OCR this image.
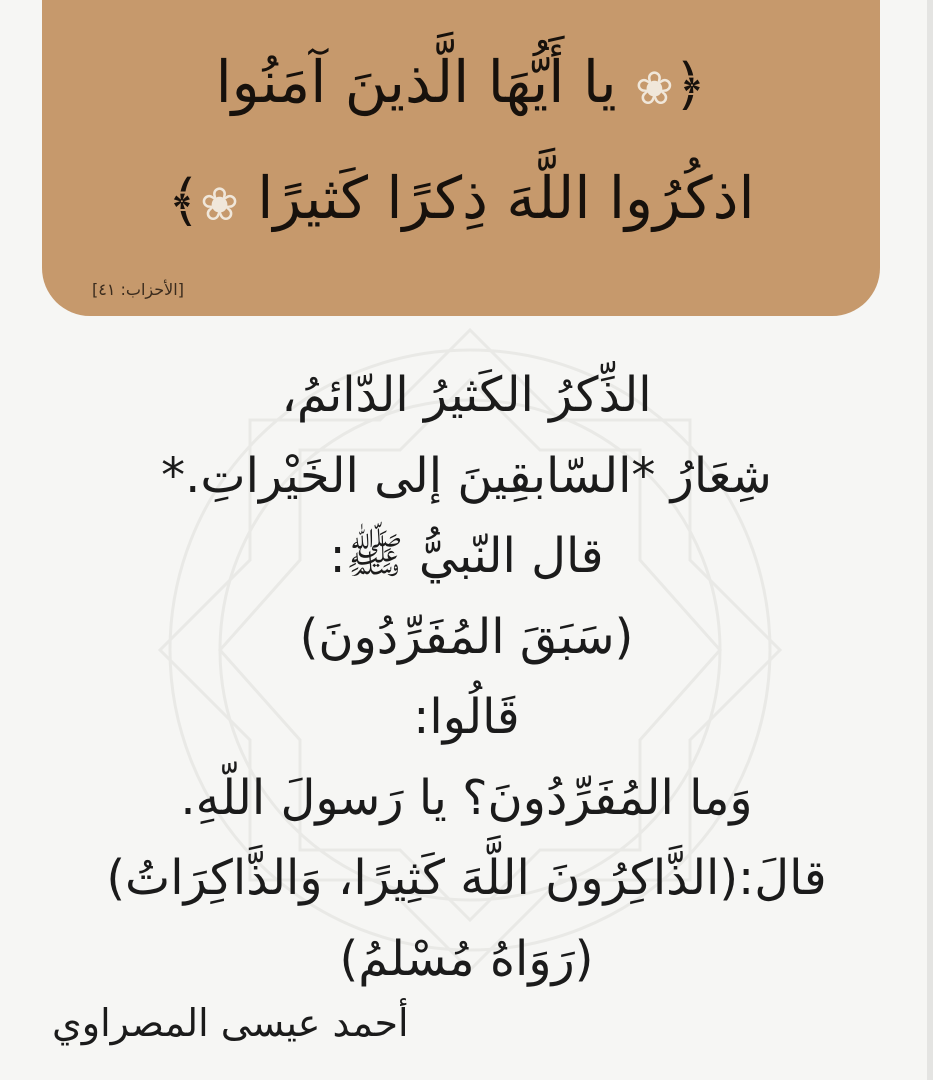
﴿❀ يا أَيُّهَا الَّذينَ آمَنُوا
اذكُرُوا اللَّهَ ذِكرًا كَثيرًا ❀﴾
[الأحزاب: ٤١]
الذِّكرُ الكَثيرُ الدّائمُ،
شِعَارُ *السّابقِينَ إلى الخَيْراتِ.*
قال النّبيُّ ﷺ:
(سَبَقَ المُفَرِّدُونَ)
قَالُوا:
وَما المُفَرِّدُونَ؟ يا رَسولَ اللّهِ.
قالَ:(الذَّاكِرُونَ اللَّهَ كَثِيرًا، وَالذَّاكِرَاتُ)
(رَوَاهُ مُسْلمُ)
أحمد عيسى المصراوي
